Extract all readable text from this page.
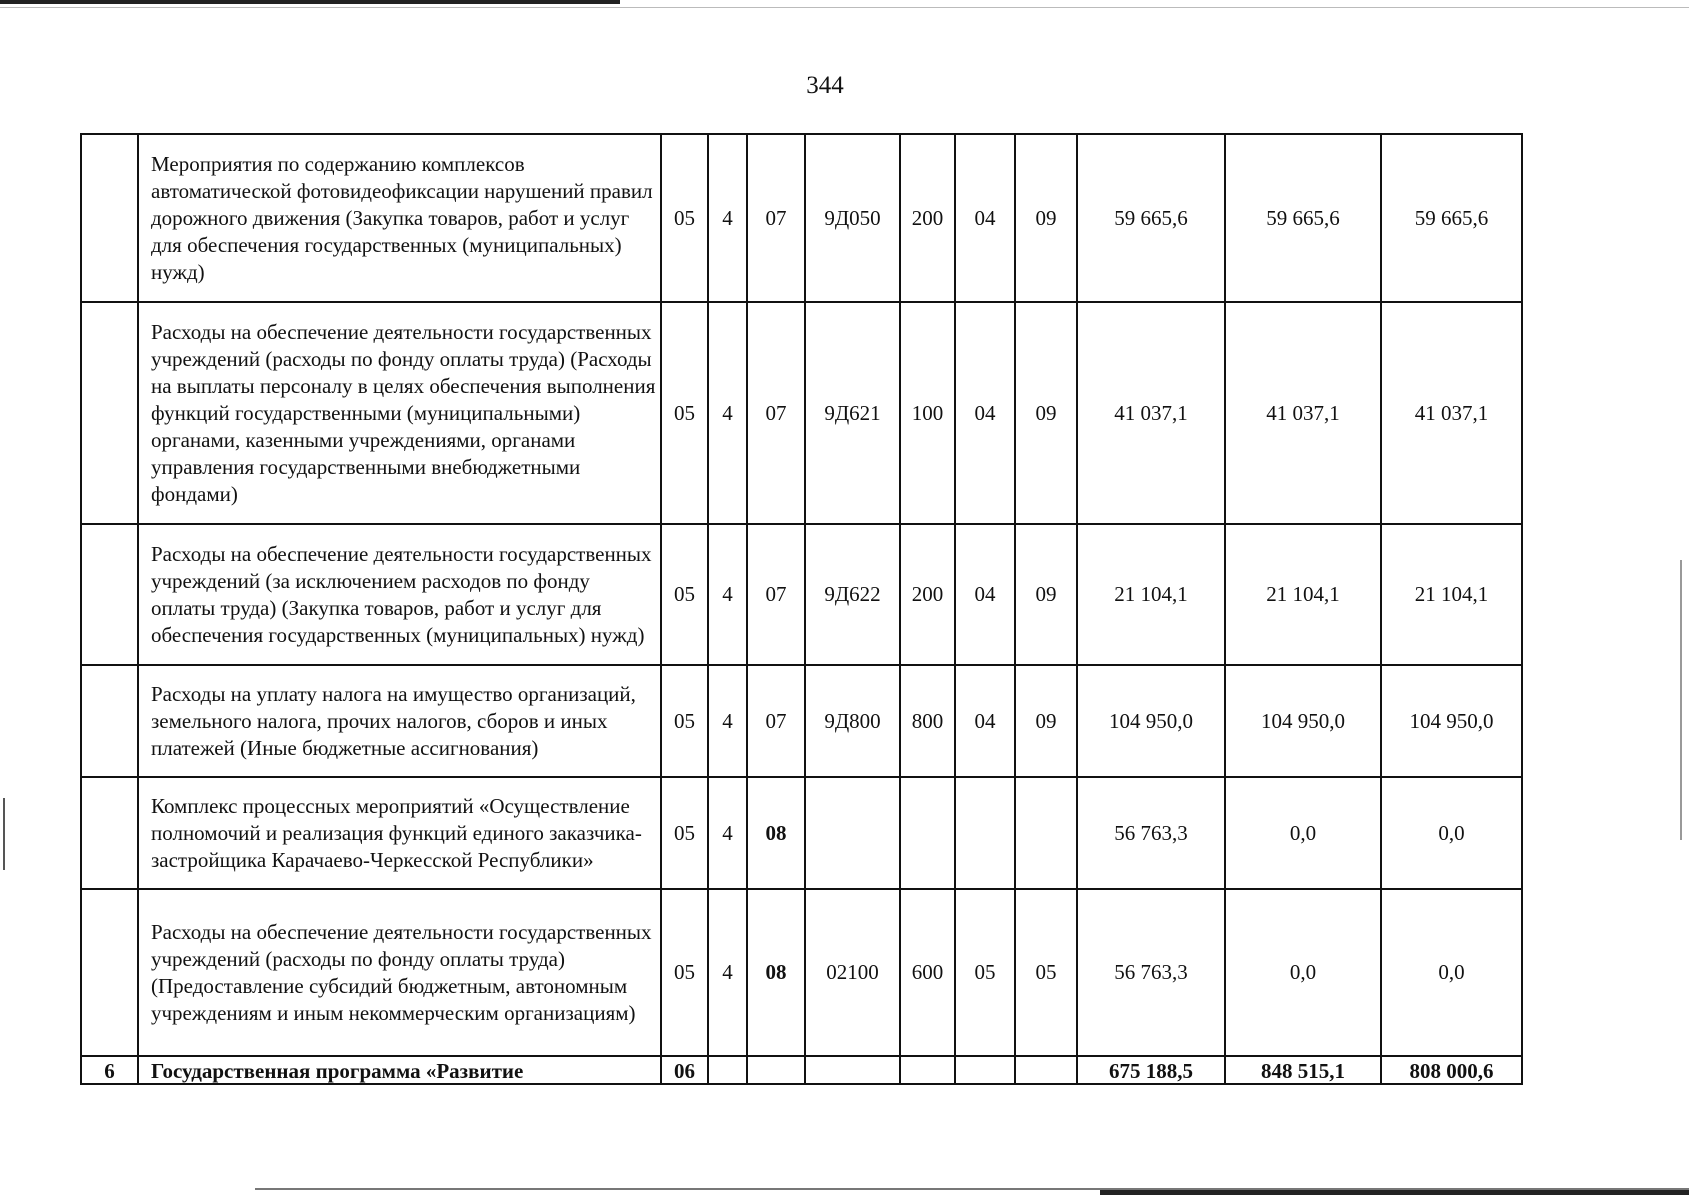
344
	Мероприятия по содержанию комплексов автоматической фотовидеофиксации нарушений правил дорожного движения (Закупка товаров, работ и услуг для обеспечения государственных (муниципальных) нужд)	05	4	07	9Д050	200	04	09	59 665,6	59 665,6	59 665,6
	Расходы на обеспечение деятельности государственных учреждений (расходы по фонду оплаты труда) (Расходы на выплаты персоналу в целях обеспечения выполнения функций государственными (муниципальными) органами, казенными учреждениями, органами управления государственными внебюджетными фондами)	05	4	07	9Д621	100	04	09	41 037,1	41 037,1	41 037,1
	Расходы на обеспечение деятельности государственных учреждений (за исключением расходов по фонду оплаты труда) (Закупка товаров, работ и услуг для обеспечения государственных (муниципальных) нужд)	05	4	07	9Д622	200	04	09	21 104,1	21 104,1	21 104,1
	Расходы на уплату налога на имущество организаций, земельного налога, прочих налогов, сборов и иных платежей (Иные бюджетные ассигнования)	05	4	07	9Д800	800	04	09	104 950,0	104 950,0	104 950,0
	Комплекс процессных мероприятий «Осуществление полномочий и реализация функций единого заказчика-застройщика Карачаево-Черкесской Республики»	05	4	08					56 763,3	0,0	0,0
	Расходы на обеспечение деятельности государственных учреждений (расходы по фонду оплаты труда) (Предоставление субсидий бюджетным, автономным учреждениям и иным некоммерческим организациям)	05	4	08	02100	600	05	05	56 763,3	0,0	0,0
6	Государственная программа «Развитие	06							675 188,5	848 515,1	808 000,6
